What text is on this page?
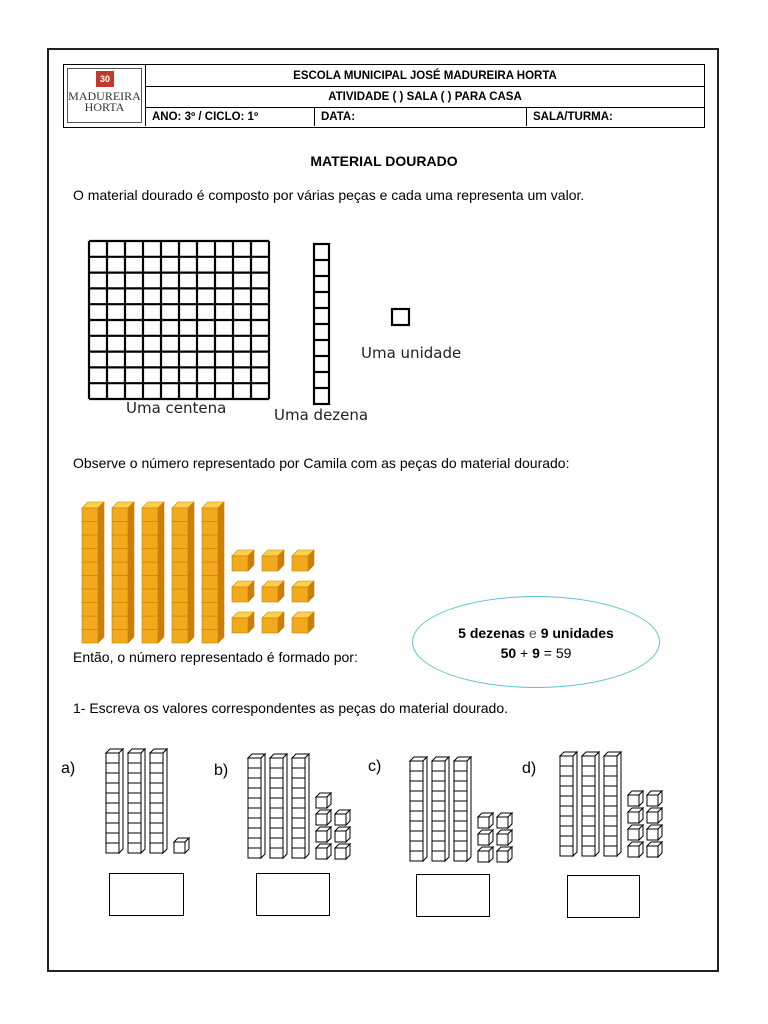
30
MADUREIRA HORTA
ESCOLA MUNICIPAL JOSÉ MADUREIRA HORTA
ATIVIDADE ( ) SALA ( ) PARA CASA
ANO: 3º / CICLO: 1º	DATA:	SALA/TURMA:
MATERIAL DOURADO
O material dourado é composto por várias peças e cada uma representa um valor.
Uma centena	Uma dezena
Uma unidade
Observe o número representado por Camila com as peças do material dourado:
Então, o número representado é formado por:
5 dezenas e 9 unidades
50 + 9 = 59
1- Escreva os valores correspondentes as peças do material dourado.
a)	b)	c)	d)
